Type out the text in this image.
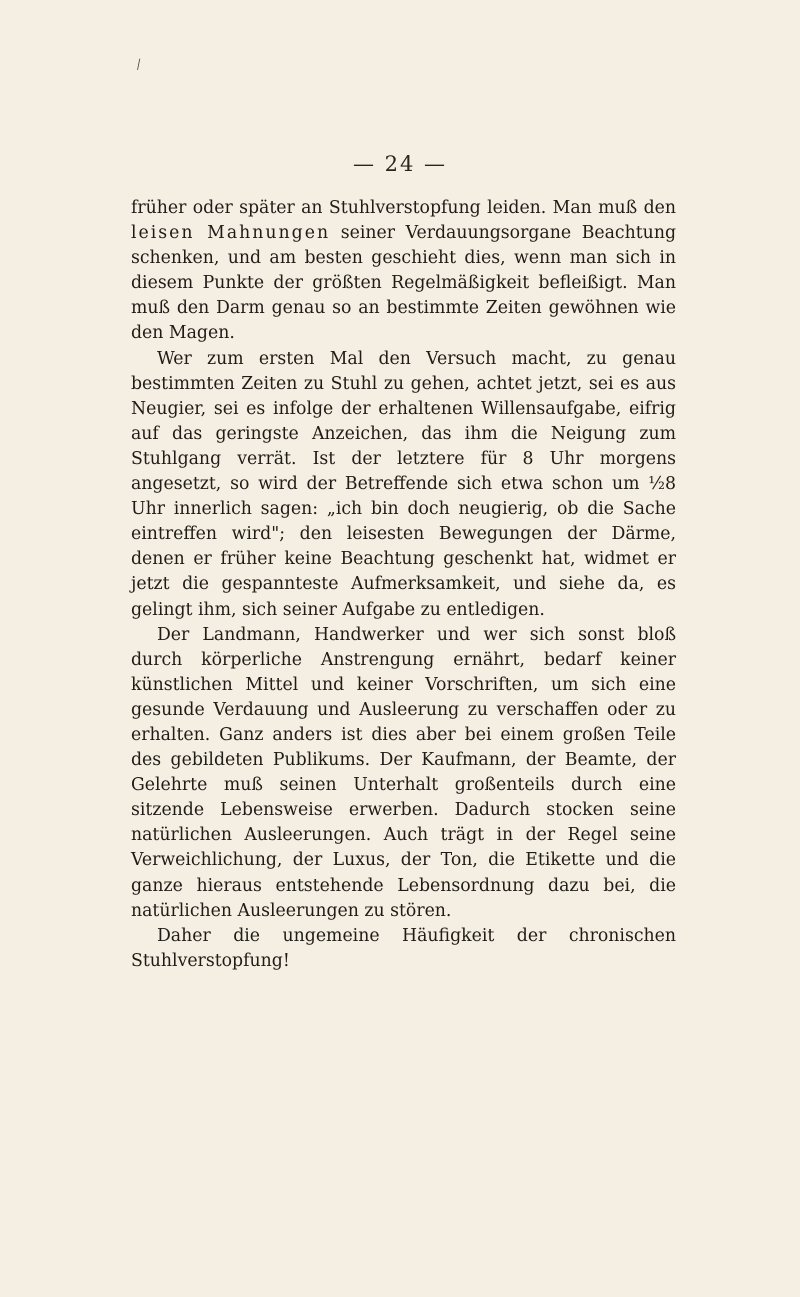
⁄
— 24 —

früher oder später an Stuhlverstopfung leiden. Man muß den leisen Mahnungen seiner Verdauungsorgane Beachtung schenken, und am besten geschieht dies, wenn man sich in diesem Punkte der größten Regelmäßigkeit befleißigt. Man muß den Darm genau so an bestimmte Zeiten gewöhnen wie den Magen.

Wer zum ersten Mal den Versuch macht, zu genau bestimmten Zeiten zu Stuhl zu gehen, achtet jetzt, sei es aus Neugier, sei es infolge der erhaltenen Willensaufgabe, eifrig auf das geringste Anzeichen, das ihm die Neigung zum Stuhlgang verrät. Ist der letztere für 8 Uhr morgens angesetzt, so wird der Betreffende sich etwa schon um ½8 Uhr innerlich sagen: „ich bin doch neugierig, ob die Sache eintreffen wird"; den leisesten Bewegungen der Därme, denen er früher keine Beachtung geschenkt hat, widmet er jetzt die gespannteste Aufmerksamkeit, und siehe da, es gelingt ihm, sich seiner Aufgabe zu entledigen.

Der Landmann, Handwerker und wer sich sonst bloß durch körperliche Anstrengung ernährt, bedarf keiner künstlichen Mittel und keiner Vorschriften, um sich eine gesunde Verdauung und Ausleerung zu verschaffen oder zu erhalten. Ganz anders ist dies aber bei einem großen Teile des gebildeten Publikums. Der Kaufmann, der Beamte, der Gelehrte muß seinen Unterhalt großenteils durch eine sitzende Lebensweise erwerben. Dadurch stocken seine natürlichen Ausleerungen. Auch trägt in der Regel seine Verweichlichung, der Luxus, der Ton, die Etikette und die ganze hieraus entstehende Lebensordnung dazu bei, die natürlichen Ausleerungen zu stören.

Daher die ungemeine Häufigkeit der chronischen Stuhlverstopfung!
